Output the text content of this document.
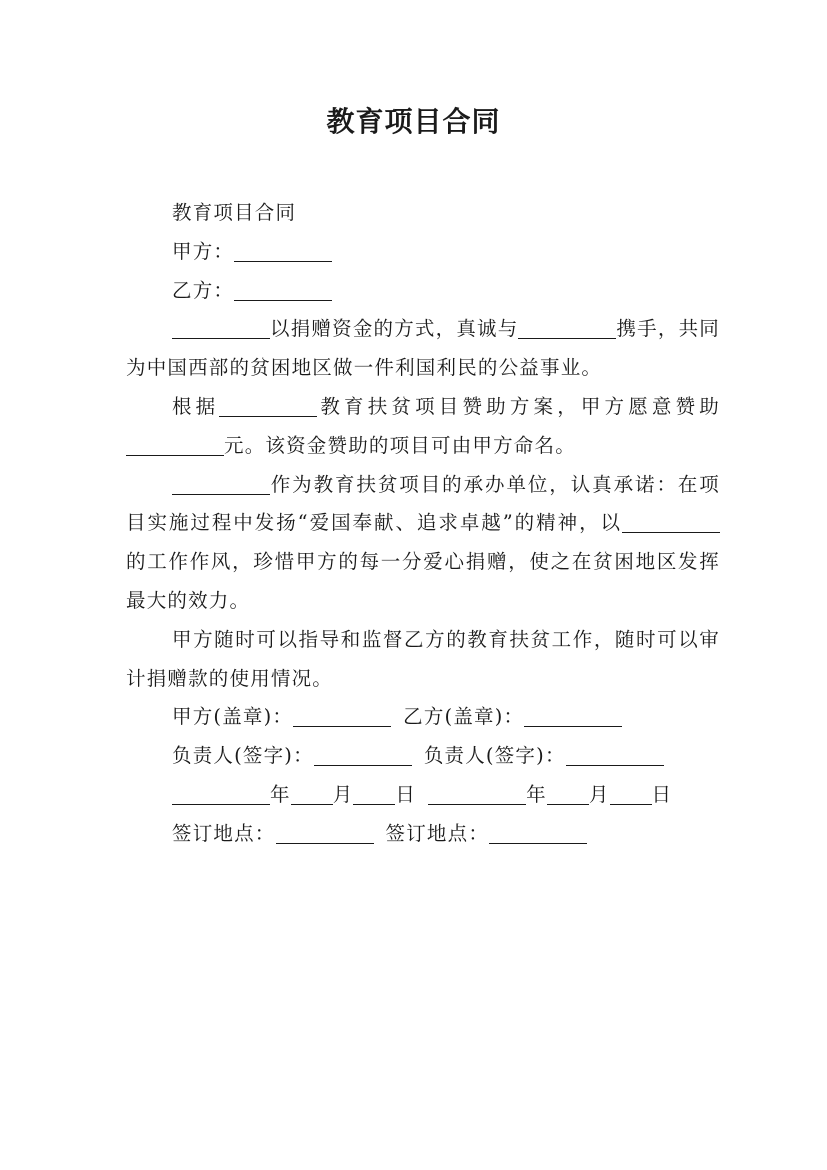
教育项目合同

教育项目合同

甲方：

乙方：

以捐赠资金的方式，真诚与	携手，共同为中国西部的贫困地区做一件利国利民的公益事业。

根据	教育扶贫项目赞助方案，甲方愿意赞助元。该资金赞助的项目可由甲方命名。

作为教育扶贫项目的承办单位，认真承诺：在项目实施过程中发扬“爱国奉献、追求卓越”的精神，以的工作作风，珍惜甲方的每一分爱心捐赠，使之在贫困地区发挥最大的效力。

甲方随时可以指导和监督乙方的教育扶贫工作，随时可以审计捐赠款的使用情况。

甲方(盖章)：	乙方(盖章)：

负责人(签字)：	负责人(签字)：

年 月 日	年 月 日

签订地点：	签订地点：
